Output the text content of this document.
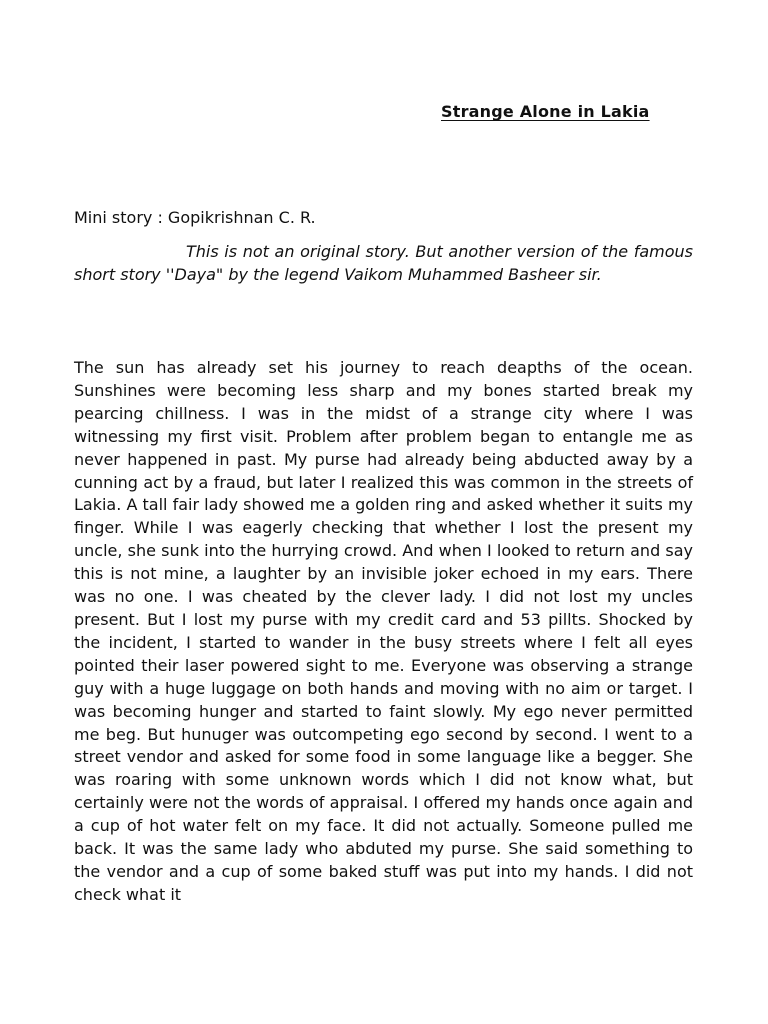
Strange Alone in Lakia

Mini story : Gopikrishnan C. R.

This is not an original story. But another version of the famous short story ''Daya" by the legend Vaikom Muhammed Basheer sir.

The sun has already set his journey to reach deapths of the ocean. Sunshines were becoming less sharp and my bones started break my pearcing chillness. I was in the midst of a strange city where I was witnessing my first visit. Problem after problem began to entangle me as never happened in past. My purse had already being abducted away by a cunning act by a fraud, but later I realized this was common in the streets of Lakia. A tall fair lady showed me a golden ring and asked whether it suits my finger. While I was eagerly checking that whether I lost the present my uncle, she sunk into the hurrying crowd. And when I looked to return and say this is not mine, a laughter by an invisible joker echoed in my ears. There was no one. I was cheated by the clever lady. I did not lost my uncles present. But I lost my purse with my credit card and 53 pillts. Shocked by the incident, I started to wander in the busy streets where I felt all eyes pointed their laser powered sight to me. Everyone was observing a strange guy with a huge luggage on both hands and moving with no aim or target. I was becoming hunger and started to faint slowly. My ego never permitted me beg. But hunuger was outcompeting ego second by second. I went to a street vendor and asked for some food in some language like a begger. She was roaring with some unknown words which I did not know what, but certainly were not the words of appraisal. I offered my hands once again and a cup of hot water felt on my face. It did not actually. Someone pulled me back. It was the same lady who abduted my purse. She said something to the vendor and a cup of some baked stuff was put into my hands. I did not check what it
